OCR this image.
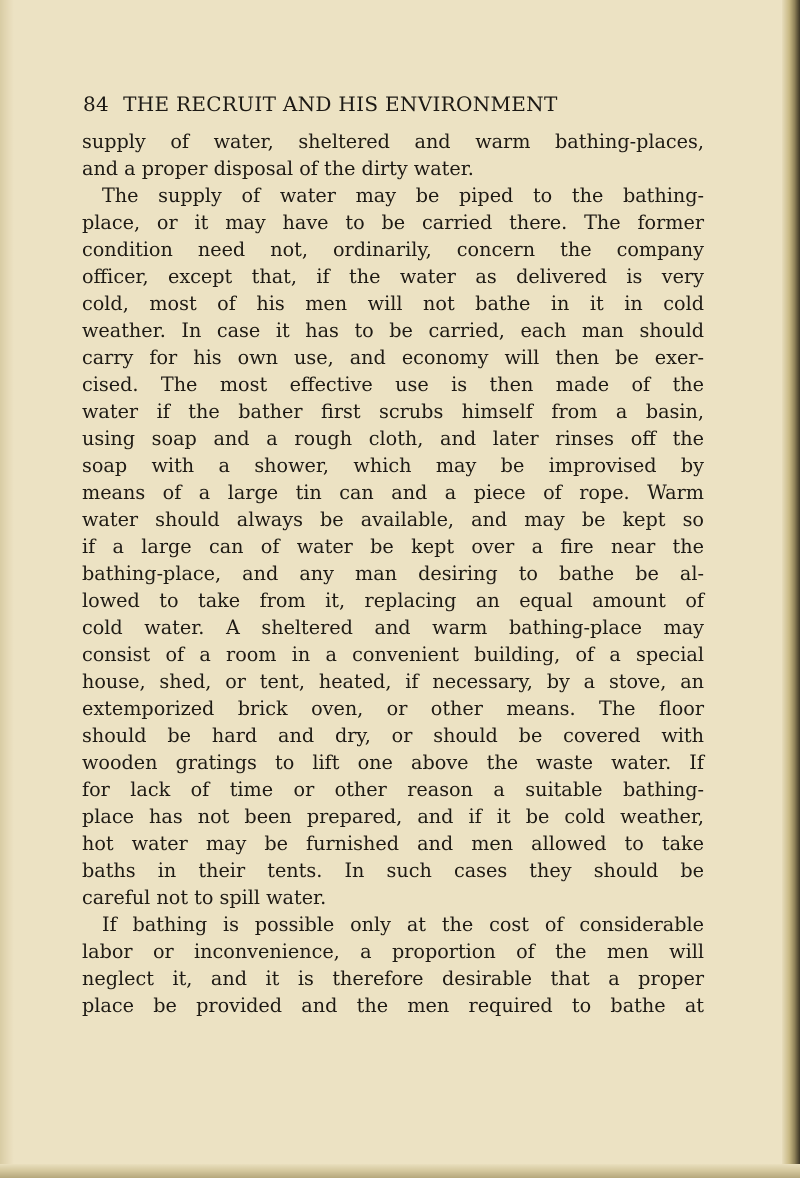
84 THE RECRUIT AND HIS ENVIRONMENT
supply of water, sheltered and warm bathing-places,
and a proper disposal of the dirty water.
The supply of water may be piped to the bathing-
place, or it may have to be carried there. The former
condition need not, ordinarily, concern the company
officer, except that, if the water as delivered is very
cold, most of his men will not bathe in it in cold
weather. In case it has to be carried, each man should
carry for his own use, and economy will then be exer-
cised. The most effective use is then made of the
water if the bather first scrubs himself from a basin,
using soap and a rough cloth, and later rinses off the
soap with a shower, which may be improvised by
means of a large tin can and a piece of rope. Warm
water should always be available, and may be kept so
if a large can of water be kept over a fire near the
bathing-place, and any man desiring to bathe be al-
lowed to take from it, replacing an equal amount of
cold water. A sheltered and warm bathing-place may
consist of a room in a convenient building, of a special
house, shed, or tent, heated, if necessary, by a stove, an
extemporized brick oven, or other means. The floor
should be hard and dry, or should be covered with
wooden gratings to lift one above the waste water. If
for lack of time or other reason a suitable bathing-
place has not been prepared, and if it be cold weather,
hot water may be furnished and men allowed to take
baths in their tents. In such cases they should be
careful not to spill water.
If bathing is possible only at the cost of considerable
labor or inconvenience, a proportion of the men will
neglect it, and it is therefore desirable that a proper
place be provided and the men required to bathe at
